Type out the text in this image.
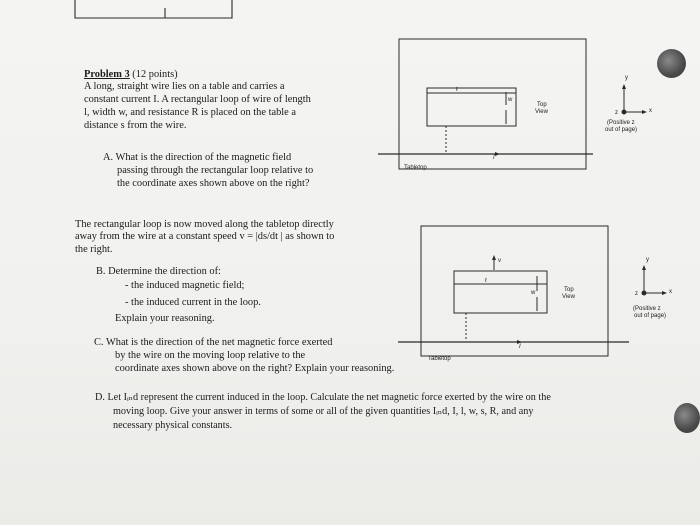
Problem 3 (12 points)
A long, straight wire lies on a table and carries a
constant current I. A rectangular loop of wire of length
l, width w, and resistance R is placed on the table a
distance s from the wire.
A. What is the direction of the magnetic field
passing through the rectangular loop relative to
the coordinate axes shown above on the right?
The rectangular loop is now moved along the tabletop directly
away from the wire at a constant speed v = |ds/dt | as shown to
the right.
B. Determine the direction of:
- the induced magnetic field;
- the induced current in the loop.
Explain your reasoning.
C. What is the direction of the net magnetic force exerted
by the wire on the moving loop relative to the
coordinate axes shown above on the right? Explain your reasoning.
D. Let Iᵢₙd represent the current induced in the loop. Calculate the net magnetic force exerted by the wire on the
moving loop. Give your answer in terms of some or all of the given quantities Iᵢₙd, I, l, w, s, R, and any
necessary physical constants.
ℓ
w
Top
View
Tabletop
I
y
x
z
(Positive z
out of page)
ℓ
w
v
Top
View
Tabletop
I
y
x
z
(Positive z
out of page)
